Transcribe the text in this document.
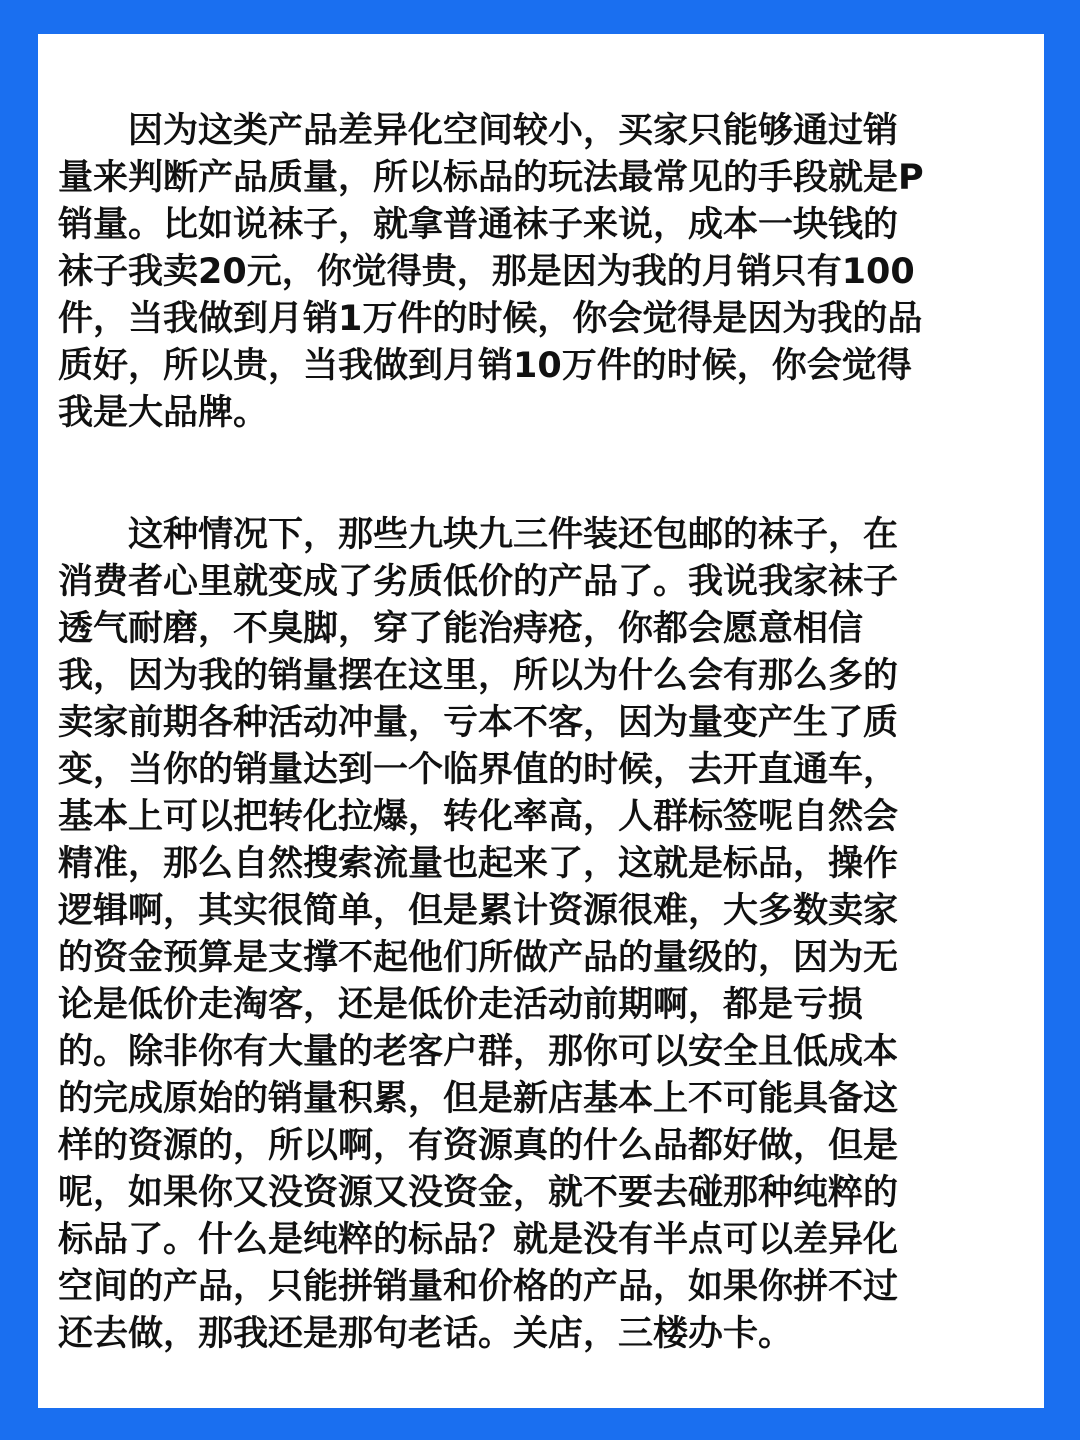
　　因为这类产品差异化空间较小，买家只能够通过销
量来判断产品质量，所以标品的玩法最常见的手段就是P
销量。比如说袜子，就拿普通袜子来说，成本一块钱的
袜子我卖20元，你觉得贵，那是因为我的月销只有100
件，当我做到月销1万件的时候，你会觉得是因为我的品
质好，所以贵，当我做到月销10万件的时候，你会觉得
我是大品牌。
　　这种情况下，那些九块九三件装还包邮的袜子，在
消费者心里就变成了劣质低价的产品了。我说我家袜子
透气耐磨，不臭脚，穿了能治痔疮，你都会愿意相信
我，因为我的销量摆在这里，所以为什么会有那么多的
卖家前期各种活动冲量，亏本不客，因为量变产生了质
变，当你的销量达到一个临界值的时候，去开直通车，
基本上可以把转化拉爆，转化率高，人群标签呢自然会
精准，那么自然搜索流量也起来了，这就是标品，操作
逻辑啊，其实很简单，但是累计资源很难，大多数卖家
的资金预算是支撑不起他们所做产品的量级的，因为无
论是低价走淘客，还是低价走活动前期啊，都是亏损
的。除非你有大量的老客户群，那你可以安全且低成本
的完成原始的销量积累，但是新店基本上不可能具备这
样的资源的，所以啊，有资源真的什么品都好做，但是
呢，如果你又没资源又没资金，就不要去碰那种纯粹的
标品了。什么是纯粹的标品？就是没有半点可以差异化
空间的产品，只能拼销量和价格的产品，如果你拼不过
还去做，那我还是那句老话。关店，三楼办卡。
